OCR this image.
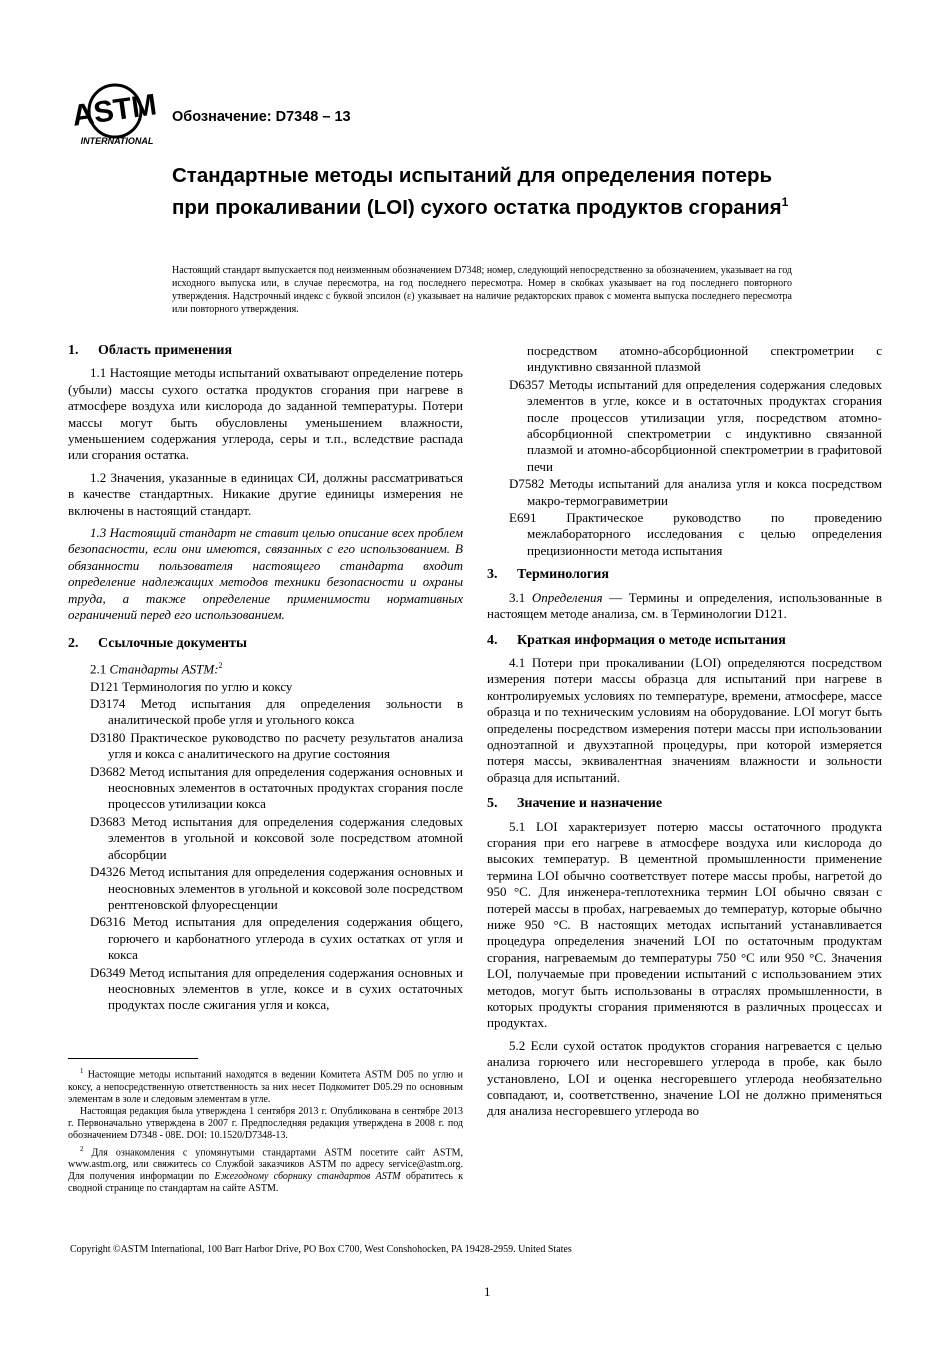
ASTM
INTERNATIONAL
Обозначение: D7348 – 13
Стандартные методы испытаний для определения потерь при прокаливании (LOI) сухого остатка продуктов сгорания$^1$
Настоящий стандарт выпускается под неизменным обозначением D7348; номер, следующий непосредственно за обозначением, указывает на год исходного выпуска или, в случае пересмотра, на год последнего пересмотра. Номер в скобках указывает на год последнего повторного утверждения. Надстрочный индекс с буквой эпсилон (ε) указывает на наличие редакторских правок с момента выпуска последнего пересмотра или повторного утверждения.
1. Область применения

1.1 Настоящие методы испытаний охватывают определение потерь (убыли) массы сухого остатка продуктов сгорания при нагреве в атмосфере воздуха или кислорода до заданной температуры. Потери массы могут быть обусловлены уменьшением влажности, уменьшением содержания углерода, серы и т.п., вследствие распада или сгорания остатка.

1.2 Значения, указанные в единицах СИ, должны рассматриваться в качестве стандартных. Никакие другие единицы измерения не включены в настоящий стандарт.

1.3 Настоящий стандарт не ставит целью описание всех проблем безопасности, если они имеются, связанных с его использованием. В обязанности пользователя настоящего стандарта входит определение надлежащих методов техники безопасности и охраны труда, а также определение применимости нормативных ограничений перед его использованием.

2. Ссылочные документы

2.1 Стандарты ASTM:$^2$

D121 Терминология по углю и коксу
D3174 Метод испытания для определения зольности в аналитической пробе угля и угольного кокса
D3180 Практическое руководство по расчету результатов анализа угля и кокса с аналитического на другие состояния
D3682 Метод испытания для определения содержания основных и неосновных элементов в остаточных продуктах сгорания после процессов утилизации кокса
D3683 Метод испытания для определения содержания следовых элементов в угольной и коксовой золе посредством атомной абсорбции
D4326 Метод испытания для определения содержания основных и неосновных элементов в угольной и коксовой золе посредством рентгеновской флуоресценции
D6316 Метод испытания для определения содержания общего, горючего и карбонатного углерода в сухих остатках от угля и кокса
D6349 Метод испытания для определения содержания основных и неосновных элементов в угле, коксе и в сухих остаточных продуктах после сжигания угля и кокса,

$^1$ Настоящие методы испытаний находятся в ведении Комитета ASTM D05 по углю и коксу, а непосредственную ответственность за них несет Подкомитет D05.29 по основным элементам в золе и следовым элементам в угле.

Настоящая редакция была утверждена 1 сентября 2013 г. Опубликована в сентябре 2013 г. Первоначально утверждена в 2007 г. Предпоследняя редакция утверждена в 2008 г. под обозначением D7348 - 08E. DOI: 10.1520/D7348-13.

$^2$ Для ознакомления с упомянутыми стандартами ASTM посетите сайт ASTM, www.astm.org, или свяжитесь со Службой заказчиков ASTM по адресу service@astm.org. Для получения информации по Ежегодному сборнику стандартов ASTM обратитесь к сводной странице по стандартам на сайте ASTM.

посредством атомно-абсорбционной спектрометрии с индуктивно связанной плазмой
D6357 Методы испытаний для определения содержания следовых элементов в угле, коксе и в остаточных продуктах сгорания после процессов утилизации угля, посредством атомно-абсорбционной спектрометрии с индуктивно связанной плазмой и атомно-абсорбционной спектрометрии в графитовой печи
D7582 Методы испытаний для анализа угля и кокса посредством макро-термогравиметрии
E691 Практическое руководство по проведению межлабораторного исследования с целью определения прецизионности метода испытания
3. Терминология

3.1 Определения — Термины и определения, использованные в настоящем методе анализа, см. в Терминологии D121.

4. Краткая информация о методе испытания

4.1 Потери при прокаливании (LOI) определяются посредством измерения потери массы образца для испытаний при нагреве в контролируемых условиях по температуре, времени, атмосфере, массе образца и по техническим условиям на оборудование. LOI могут быть определены посредством измерения потери массы при использовании одноэтапной и двухэтапной процедуры, при которой измеряется потеря массы, эквивалентная значениям влажности и зольности образца для испытаний.

5. Значение и назначение

5.1 LOI характеризует потерю массы остаточного продукта сгорания при его нагреве в атмосфере воздуха или кислорода до высоких температур. В цементной промышленности применение термина LOI обычно соответствует потере массы пробы, нагретой до 950 °C. Для инженера-теплотехника термин LOI обычно связан с потерей массы в пробах, нагреваемых до температур, которые обычно ниже 950 °C. В настоящих методах испытаний устанавливается процедура определения значений LOI по остаточным продуктам сгорания, нагреваемым до температуры 750 °C или 950 °C. Значения LOI, получаемые при проведении испытаний с использованием этих методов, могут быть использованы в отраслях промышленности, в которых продукты сгорания применяются в различных процессах и продуктах.

5.2 Если сухой остаток продуктов сгорания нагревается с целью анализа горючего или несгоревшего углерода в пробе, как было установлено, LOI и оценка несгоревшего углерода необязательно совпадают, и, соответственно, значение LOI не должно применяться для анализа несгоревшего углерода во

Copyright ©ASTM International, 100 Barr Harbor Drive, PO Box C700, West Conshohocken, PA 19428-2959. United States
1
